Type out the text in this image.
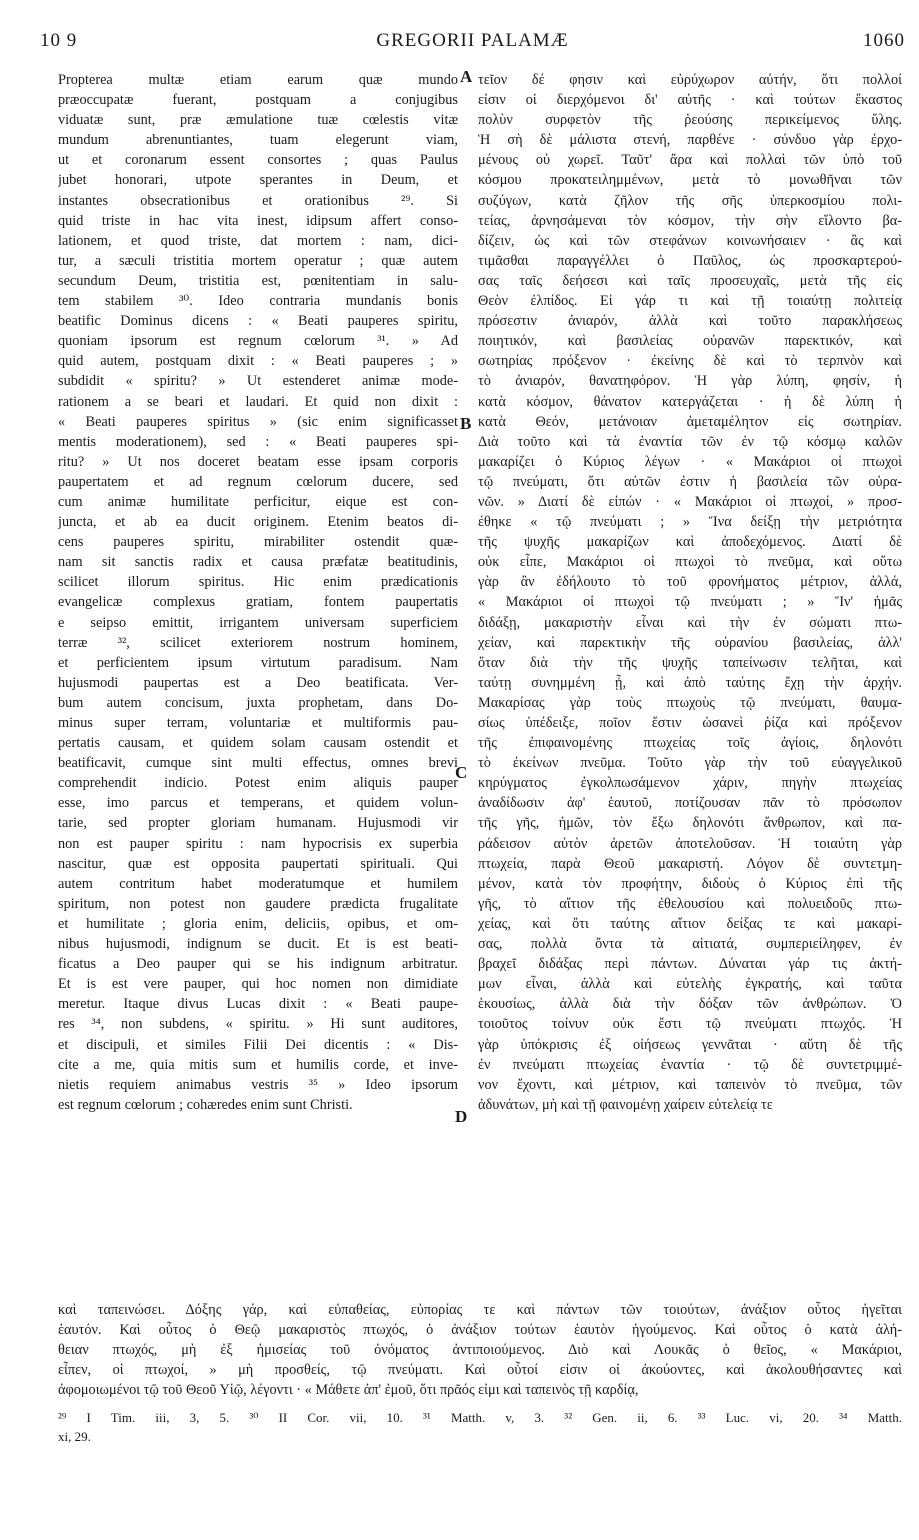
10 9	GREGORII PALAMÆ	1060
Propterea multæ etiam earum quæ mundo
præoccupatæ fuerant, postquam a conjugibus
viduatæ sunt, præ æmulatione tuæ cœlestis vitæ
mundum abrenuntiantes, tuam elegerunt viam,
ut et coronarum essent consortes ; quas Paulus
jubet honorari, utpote sperantes in Deum, et
instantes obsecrationibus et orationibus ²⁹. Si
quid triste in hac vita inest, idipsum affert conso-
lationem, et quod triste, dat mortem : nam, dici-
tur, a sæculi tristitia mortem operatur ; quæ autem
secundum Deum, tristitia est, pœnitentiam in salu-
tem stabilem ³⁰. Ideo contraria mundanis bonis
beatific Dominus dicens : « Beati pauperes spiritu,
quoniam ipsorum est regnum cœlorum ³¹. » Ad
quid autem, postquam dixit : « Beati pauperes ; »
subdidit « spiritu? » Ut estenderet animæ mode-
rationem a se beari et laudari. Et quid non dixit :
« Beati pauperes spiritus » (sic enim significasset
mentis moderationem), sed : « Beati pauperes spi-
ritu? » Ut nos doceret beatam esse ipsam corporis
paupertatem et ad regnum cœlorum ducere, sed
cum animæ humilitate perficitur, eique est con-
juncta, et ab ea ducit originem. Etenim beatos di-
cens pauperes spiritu, mirabiliter ostendit quæ-
nam sit sanctis radix et causa præfatæ beatitudinis,
scilicet illorum spiritus. Hic enim prædicationis
evangelicæ complexus gratiam, fontem paupertatis
e seipso emittit, irrigantem universam superficiem
terræ ³², scilicet exteriorem nostrum hominem,
et perficientem ipsum virtutum paradisum. Nam
hujusmodi paupertas est a Deo beatificata. Ver-
bum autem concisum, juxta prophetam, dans Do-
minus super terram, voluntariæ et multiformis pau-
pertatis causam, et quidem solam causam ostendit et
beatificavit, cumque sint multi effectus, omnes brevi
comprehendit indicio. Potest enim aliquis pauper
esse, imo parcus et temperans, et quidem volun-
tarie, sed propter gloriam humanam. Hujusmodi vir
non est pauper spiritu : nam hypocrisis ex superbia
nascitur, quæ est opposita paupertati spirituali. Qui
autem contritum habet moderatumque et humilem
spiritum, non potest non gaudere prædicta frugalitate
et humilitate ; gloria enim, deliciis, opibus, et om-
nibus hujusmodi, indignum se ducit. Et is est beati-
ficatus a Deo pauper qui se his indignum arbitratur.
Et is est vere pauper, qui hoc nomen non dimidiate
meretur. Itaque divus Lucas dixit : « Beati paupe-
res ³⁴, non subdens, « spiritu. » Hi sunt auditores,
et discipuli, et similes Filii Dei dicentis : « Dis-
cite a me, quia mitis sum et humilis corde, et inve-
nietis requiem animabus vestris ³⁵ » Ideo ipsorum
est regnum cœlorum ; cohæredes enim sunt Christi.
τεῖον δέ φησιν καὶ εὐρύχωρον αὐτήν, ὅτι πολλοί
εἰσιν οἱ διερχόμενοι δι' αὐτῆς · καὶ τούτων ἕκαστος
πολὺν συρφετὸν τῆς ῥεούσης περικείμενος ὕλης.
Ἡ σὴ δὲ μάλιστα στενή, παρθένε · σύνδυο γὰρ ἐρχο-
μένους οὐ χωρεῖ. Ταῦτ' ἄρα καὶ πολλαὶ τῶν ὑπὸ τοῦ
κόσμου προκατειλημμένων, μετὰ τὸ μονωθῆναι τῶν
συζύγων, κατὰ ζῆλον τῆς σῆς ὑπερκοσμίου πολι-
τείας, ἀρνησάμεναι τὸν κόσμον, τὴν σὴν εἵλοντο βα-
δίζειν, ὡς καὶ τῶν στεφάνων κοινωνήσαιεν · ἃς καὶ
τιμᾶσθαι παραγγέλλει ὁ Παῦλος, ὡς προσκαρτερού-
σας ταῖς δεήσεσι καὶ ταῖς προσευχαῖς, μετὰ τῆς εἰς
Θεὸν ἐλπίδος. Εἰ γάρ τι καὶ τῇ τοιαύτῃ πολιτείᾳ
πρόσεστιν ἀνιαρόν, ἀλλὰ καὶ τοῦτο παρακλήσεως
ποιητικόν, καὶ βασιλείας οὐρανῶν παρεκτικόν, καὶ
σωτηρίας πρόξενον · ἐκείνης δὲ καὶ τὸ τερπνὸν καὶ
τὸ ἀνιαρόν, θανατηφόρον. Ἡ γὰρ λύπη, φησίν, ἡ
κατὰ κόσμον, θάνατον κατεργάζεται · ἡ δὲ λύπη ἡ
κατὰ Θεόν, μετάνοιαν ἀμεταμέλητον εἰς σωτηρίαν.
Διὰ τοῦτο καὶ τὰ ἐναντία τῶν ἐν τῷ κόσμῳ καλῶν
μακαρίζει ὁ Κύριος λέγων · « Μακάριοι οἱ πτωχοὶ
τῷ πνεύματι, ὅτι αὐτῶν ἐστιν ἡ βασιλεία τῶν οὐρα-
νῶν. » Διατί δὲ εἰπών · « Μακάριοι οἱ πτωχοί, » προσ-
έθηκε « τῷ πνεύματι ; » Ἵνα δείξῃ τὴν μετριότητα
τῆς ψυχῆς μακαρίζων καὶ ἀποδεχόμενος. Διατί δὲ
οὐκ εἶπε, Μακάριοι οἱ πτωχοὶ τὸ πνεῦμα, καὶ οὕτω
γὰρ ἂν ἐδήλουτο τὸ τοῦ φρονήματος μέτριον, ἀλλά,
« Μακάριοι οἱ πτωχοὶ τῷ πνεύματι ; » Ἵν' ἡμᾶς
διδάξῃ, μακαριστὴν εἶναι καὶ τὴν ἐν σώματι πτω-
χείαν, καὶ παρεκτικὴν τῆς οὐρανίου βασιλείας, ἀλλ'
ὅταν διὰ τὴν τῆς ψυχῆς ταπείνωσιν τελῆται, καὶ
ταύτῃ συνημμένη ᾖ, καὶ ἀπὸ ταύτης ἔχῃ τὴν ἀρχήν.
Μακαρίσας γὰρ τοὺς πτωχοὺς τῷ πνεύματι, θαυμα-
σίως ὑπέδειξε, ποῖον ἔστιν ὡσανεὶ ῥίζα καὶ πρόξενον
τῆς ἐπιφαινομένης πτωχείας τοῖς ἁγίοις, δηλονότι
τὸ ἐκείνων πνεῦμα. Τοῦτο γὰρ τὴν τοῦ εὐαγγελικοῦ
κηρύγματος ἐγκολπωσάμενον χάριν, πηγὴν πτωχείας
ἀναδίδωσιν ἀφ' ἑαυτοῦ, ποτίζουσαν πᾶν τὸ πρόσωπον
τῆς γῆς, ἡμῶν, τὸν ἔξω δηλονότι ἄνθρωπον, καὶ πα-
ράδεισον αὐτὸν ἀρετῶν ἀποτελοῦσαν. Ἡ τοιαύτη γὰρ
πτωχεία, παρὰ Θεοῦ μακαριστή. Λόγον δὲ συντετμη-
μένον, κατὰ τὸν προφήτην, διδοὺς ὁ Κύριος ἐπὶ τῆς
γῆς, τὸ αἴτιον τῆς ἐθελουσίου καὶ πολυειδοῦς πτω-
χείας, καὶ ὅτι ταύτης αἴτιον δείξας τε καὶ μακαρί-
σας, πολλὰ ὄντα τὰ αἰτιατά, συμπεριείληφεν, ἐν
βραχεῖ διδάξας περὶ πάντων. Δύναται γάρ τις ἀκτή-
μων εἶναι, ἀλλὰ καὶ εὐτελὴς ἐγκρατής, καὶ ταῦτα
ἑκουσίως, ἀλλὰ διὰ τὴν δόξαν τῶν ἀνθρώπων. Ὁ
τοιοῦτος τοίνυν οὐκ ἔστι τῷ πνεύματι πτωχός. Ἡ
γὰρ ὑπόκρισις ἐξ οἰήσεως γεννᾶται · αὕτη δὲ τῆς
ἐν πνεύματι πτωχείας ἐναντία · τῷ δὲ συντετριμμέ-
νον ἔχοντι, καὶ μέτριον, καὶ ταπεινὸν τὸ πνεῦμα, τῶν
ἀδυνάτων, μὴ καὶ τῇ φαινομένῃ χαίρειν εὐτελείᾳ τε
A
B
C
D
καὶ ταπεινώσει. Δόξης γάρ, καὶ εὐπαθείας, εὐπορίας τε καὶ πάντων τῶν τοιούτων, ἀνάξιον οὗτος ἡγεῖται
ἑαυτόν. Καὶ οὗτος ὁ Θεῷ μακαριστὸς πτωχός, ὁ ἀνάξιον τούτων ἑαυτὸν ἡγούμενος. Καὶ οὗτος ὁ κατὰ ἀλή-
θειαν πτωχός, μὴ ἐξ ἡμισείας τοῦ ὀνόματος ἀντιποιούμενος. Διὸ καὶ Λουκᾶς ὁ θεῖος, « Μακάριοι,
εἶπεν, οἱ πτωχοί, » μὴ προσθείς, τῷ πνεύματι. Καὶ οὗτοί εἰσιν οἱ ἀκούοντες, καὶ ἀκολουθήσαντες καὶ
ἀφομοιωμένοι τῷ τοῦ Θεοῦ Υἱῷ, λέγοντι · « Μάθετε ἀπ' ἐμοῦ, ὅτι πρᾶός εἰμι καὶ ταπεινὸς τῇ καρδίᾳ,
²⁹ I Tim. iii, 3, 5. ³⁰ II Cor. vii, 10. ³¹ Matth. v, 3. ³² Gen. ii, 6. ³³ Luc. vi, 20. ³⁴ Matth.
xi, 29.
